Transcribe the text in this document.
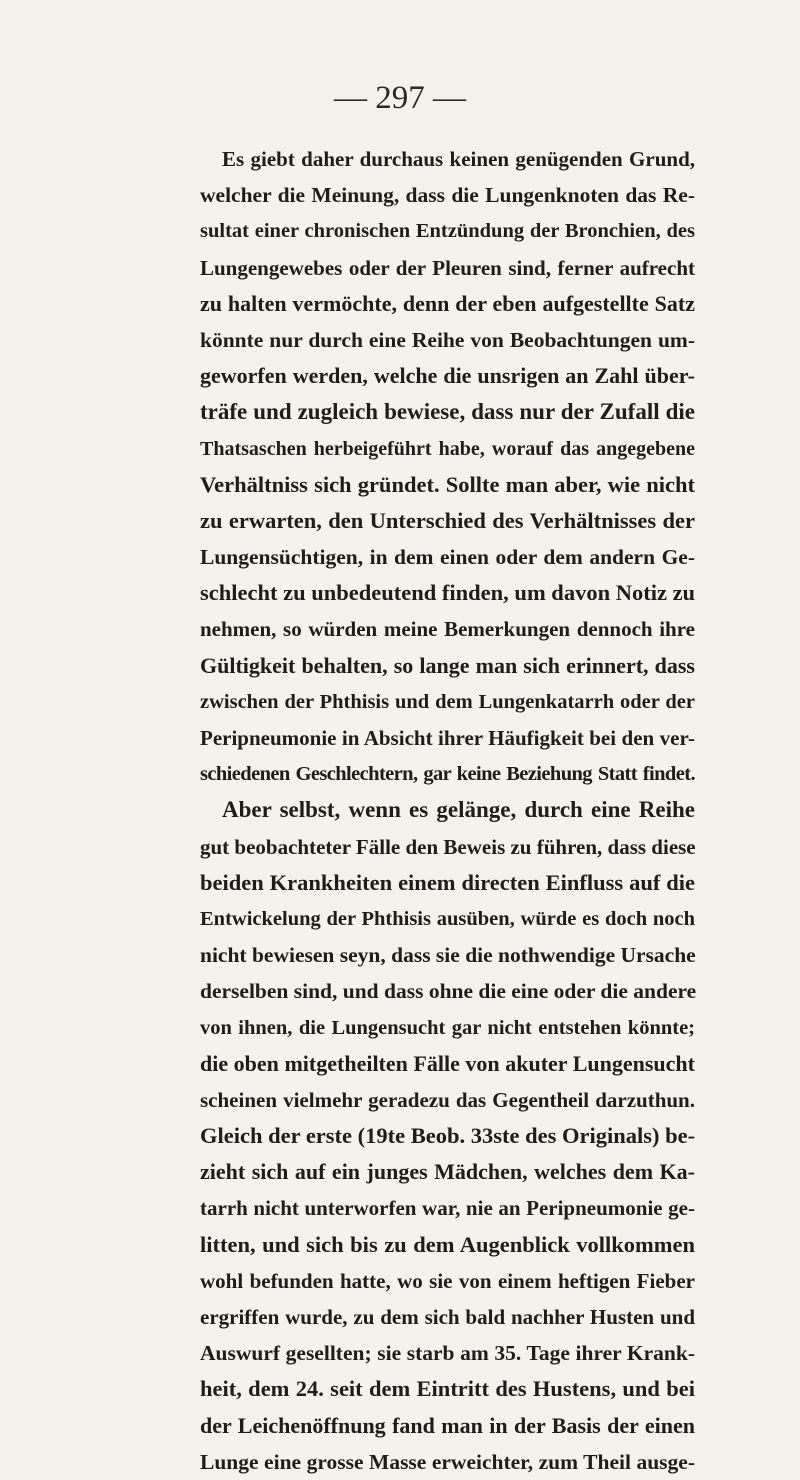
— 297 —
Es giebt daher durchaus keinen genügenden Grund,
welcher die Meinung, dass die Lungenknoten das Re-
sultat einer chronischen Entzündung der Bronchien, des
Lungengewebes oder der Pleuren sind, ferner aufrecht
zu halten vermöchte, denn der eben aufgestellte Satz
könnte nur durch eine Reihe von Beobachtungen um-
geworfen werden, welche die unsrigen an Zahl über-
träfe und zugleich bewiese, dass nur der Zufall die
Thatsaschen herbeigeführt habe, worauf das angegebene
Verhältniss sich gründet. Sollte man aber, wie nicht
zu erwarten, den Unterschied des Verhältnisses der
Lungensüchtigen, in dem einen oder dem andern Ge-
schlecht zu unbedeutend finden, um davon Notiz zu
nehmen, so würden meine Bemerkungen dennoch ihre
Gültigkeit behalten, so lange man sich erinnert, dass
zwischen der Phthisis und dem Lungenkatarrh oder der
Peripneumonie in Absicht ihrer Häufigkeit bei den ver-
schiedenen Geschlechtern, gar keine Beziehung Statt findet.
Aber selbst, wenn es gelänge, durch eine Reihe
gut beobachteter Fälle den Beweis zu führen, dass diese
beiden Krankheiten einem directen Einfluss auf die
Entwickelung der Phthisis ausüben, würde es doch noch
nicht bewiesen seyn, dass sie die nothwendige Ursache
derselben sind, und dass ohne die eine oder die andere
von ihnen, die Lungensucht gar nicht entstehen könnte;
die oben mitgetheilten Fälle von akuter Lungensucht
scheinen vielmehr geradezu das Gegentheil darzuthun.
Gleich der erste (19te Beob. 33ste des Originals) be-
zieht sich auf ein junges Mädchen, welches dem Ka-
tarrh nicht unterworfen war, nie an Peripneumonie ge-
litten, und sich bis zu dem Augenblick vollkommen
wohl befunden hatte, wo sie von einem heftigen Fieber
ergriffen wurde, zu dem sich bald nachher Husten und
Auswurf gesellten; sie starb am 35. Tage ihrer Krank-
heit, dem 24. seit dem Eintritt des Hustens, und bei
der Leichenöffnung fand man in der Basis der einen
Lunge eine grosse Masse erweichter, zum Theil ausge-
